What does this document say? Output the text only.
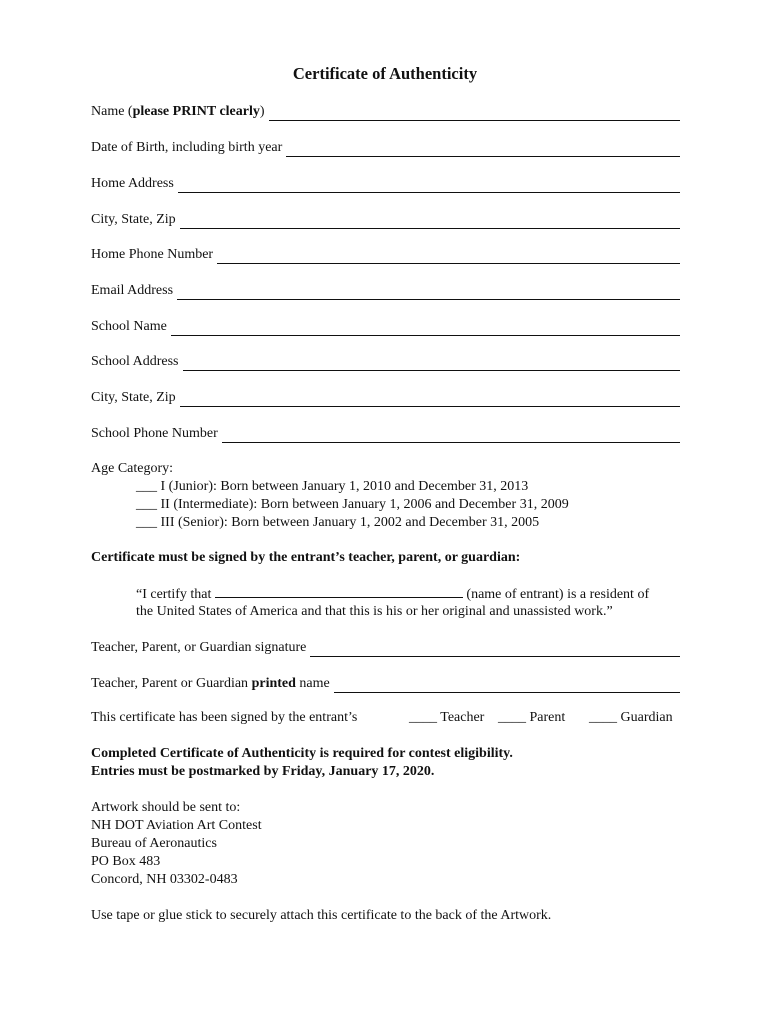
Certificate of Authenticity
Name (please PRINT clearly)
Date of Birth, including birth year
Home Address
City, State, Zip
Home Phone Number
Email Address
School Name
School Address
City, State, Zip
School Phone Number
Age Category:
___ I (Junior): Born between January 1, 2010 and December 31, 2013
___ II (Intermediate): Born between January 1, 2006 and December 31, 2009
___ III (Senior): Born between January 1, 2002 and December 31, 2005
Certificate must be signed by the entrant’s teacher, parent, or guardian:
“I certify that	(name of entrant) is a resident of
the United States of America and that this is his or her original and unassisted work.”
Teacher, Parent, or Guardian signature
Teacher, Parent or Guardian printed name
This certificate has been signed by the entrant’s	____ Teacher ____ Parent ____ Guardian
Completed Certificate of Authenticity is required for contest eligibility.
Entries must be postmarked by Friday, January 17, 2020.
Artwork should be sent to:
NH DOT Aviation Art Contest
Bureau of Aeronautics
PO Box 483
Concord, NH 03302-0483
Use tape or glue stick to securely attach this certificate to the back of the Artwork.
